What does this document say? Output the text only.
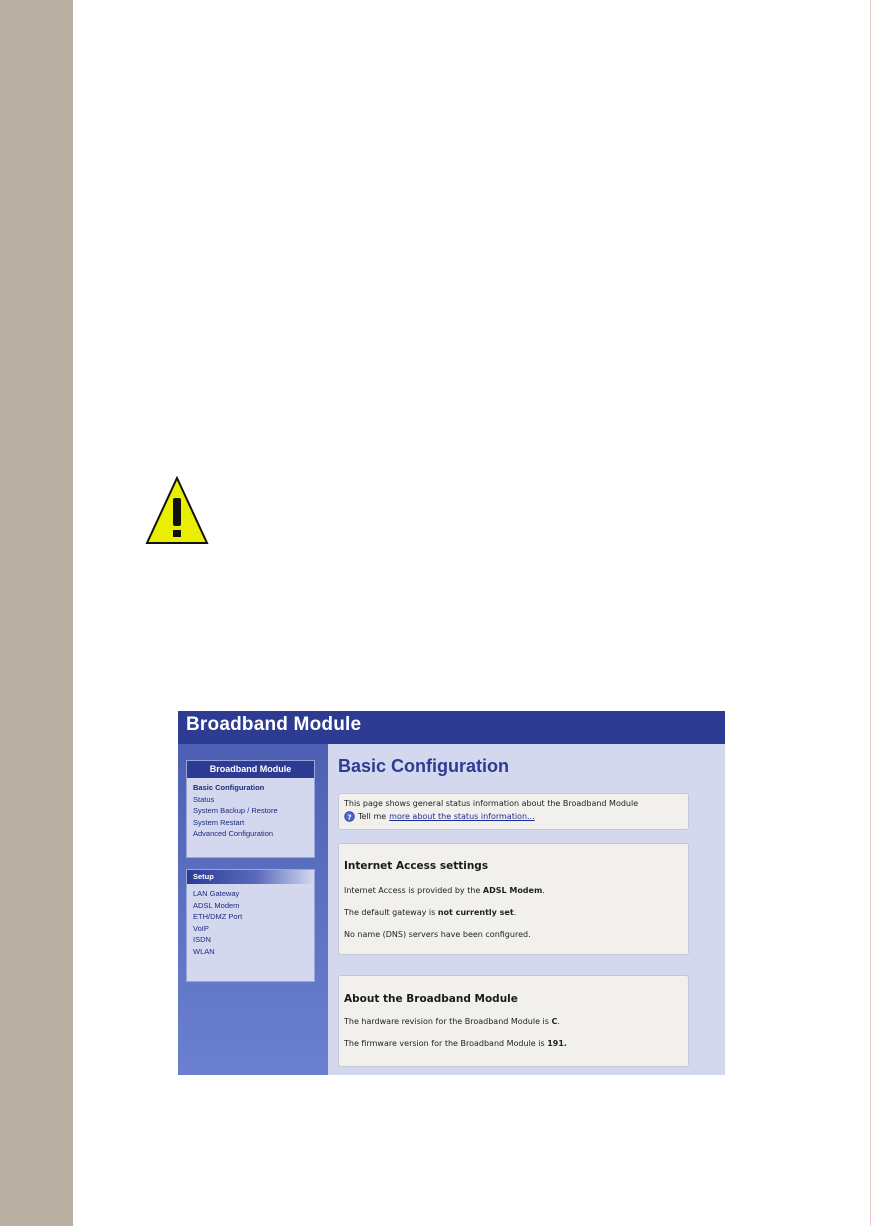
Broadband Module
Broadband Module
Basic Configuration
Status
System Backup / Restore
System Restart
Advanced Configuration
Setup
LAN Gateway
ADSL Modem
ETH/DMZ Port
VoIP
ISDN
WLAN
Basic Configuration
This page shows general status information about the Broadband Module
? Tell me more about the status information...
Internet Access settings
Internet Access is provided by the ADSL Modem.
The default gateway is not currently set.
No name (DNS) servers have been configured.
About the Broadband Module
The hardware revision for the Broadband Module is C.
The firmware version for the Broadband Module is 191.
